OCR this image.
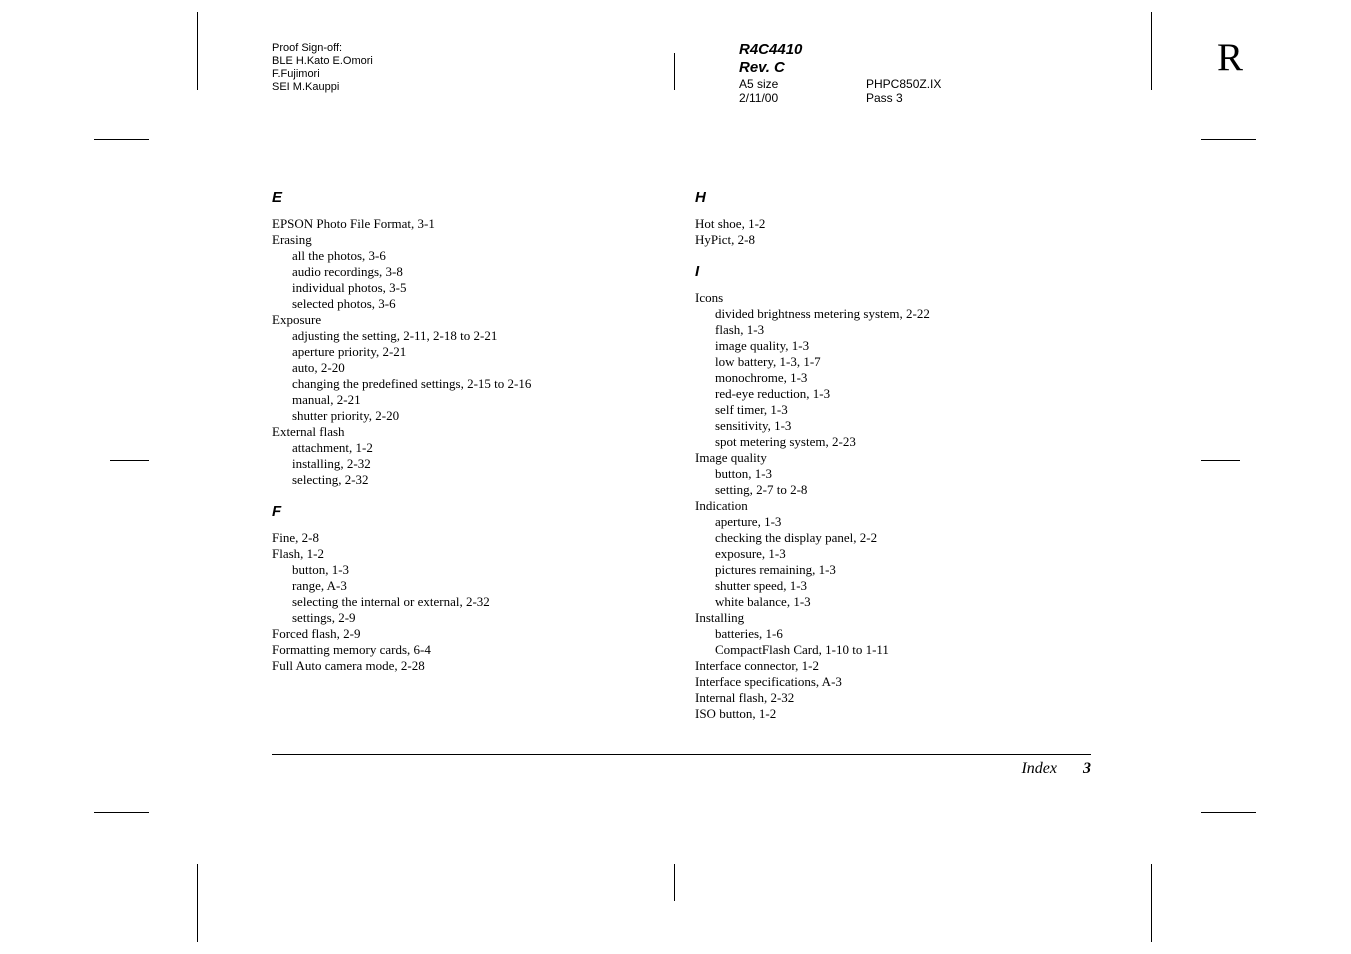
Proof Sign-off:
BLE H.Kato E.Omori
F.Fujimori
SEI M.Kauppi
R4C4410
Rev. C
A5 size	PHPC850Z.IX
2/11/00	Pass 3
R
E
EPSON Photo File Format, 3-1
Erasing
all the photos, 3-6
audio recordings, 3-8
individual photos, 3-5
selected photos, 3-6
Exposure
adjusting the setting, 2-11, 2-18 to 2-21
aperture priority, 2-21
auto, 2-20
changing the predefined settings, 2-15 to 2-16
manual, 2-21
shutter priority, 2-20
External flash
attachment, 1-2
installing, 2-32
selecting, 2-32
F
Fine, 2-8
Flash, 1-2
button, 1-3
range, A-3
selecting the internal or external, 2-32
settings, 2-9
Forced flash, 2-9
Formatting memory cards, 6-4
Full Auto camera mode, 2-28
H
Hot shoe, 1-2
HyPict, 2-8
I
Icons
divided brightness metering system, 2-22
flash, 1-3
image quality, 1-3
low battery, 1-3, 1-7
monochrome, 1-3
red-eye reduction, 1-3
self timer, 1-3
sensitivity, 1-3
spot metering system, 2-23
Image quality
button, 1-3
setting, 2-7 to 2-8
Indication
aperture, 1-3
checking the display panel, 2-2
exposure, 1-3
pictures remaining, 1-3
shutter speed, 1-3
white balance, 1-3
Installing
batteries, 1-6
CompactFlash Card, 1-10 to 1-11
Interface connector, 1-2
Interface specifications, A-3
Internal flash, 2-32
ISO button, 1-2
Index 3
